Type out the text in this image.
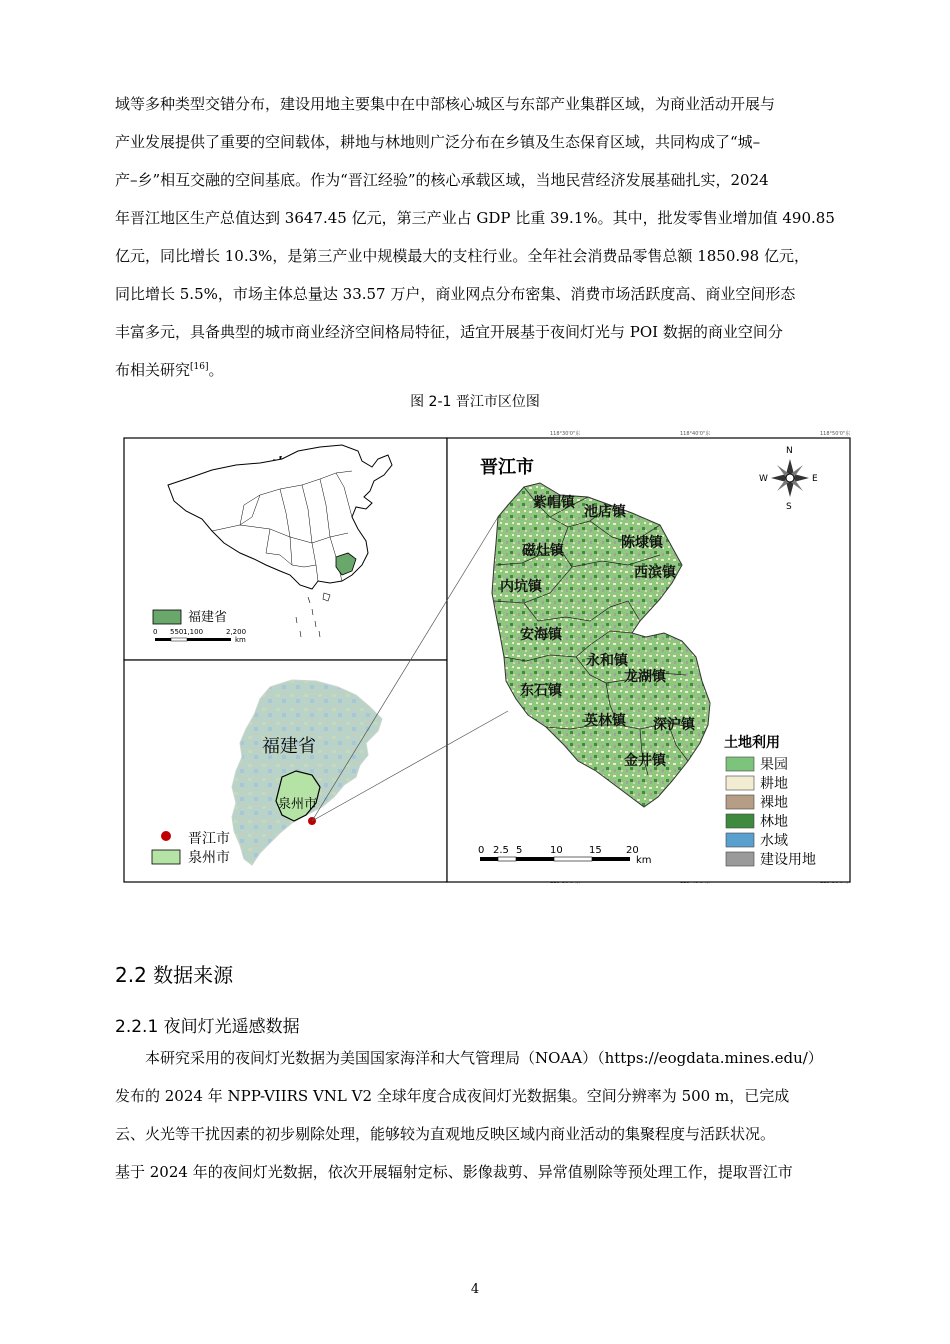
域等多种类型交错分布，建设用地主要集中在中部核心城区与东部产业集群区域，为商业活动开展与
产业发展提供了重要的空间载体，耕地与林地则广泛分布在乡镇及生态保育区域，共同构成了“城–
产–乡”相互交融的空间基底。作为“晋江经验”的核心承载区域，当地民营经济发展基础扎实，2024
年晋江地区生产总值达到 3647.45 亿元，第三产业占 GDP 比重 39.1%。其中，批发零售业增加值 490.85
亿元，同比增长 10.3%，是第三产业中规模最大的支柱行业。全年社会消费品零售总额 1850.98 亿元，
同比增长 5.5%，市场主体总量达 33.57 万户，商业网点分布密集、消费市场活跃度高、商业空间形态
丰富多元，具备典型的城市商业经济空间格局特征，适宜开展基于夜间灯光与 POI 数据的商业空间分
布相关研究[16]。
图 2-1 晋江市区位图
118°30'0"东	118°40'0"东	118°50'0"东
福建省
0 550 1,100	2,200
km
福建省
泉州市
晋江市
泉州市
晋江市
紫帽镇
池店镇
陈埭镇
磁灶镇
西滨镇
内坑镇
安海镇
永和镇
龙湖镇
东石镇
英林镇 深沪镇
金井镇
N
S
E
W
0 2.5 5	10	15 20
km
土地利用
果园
耕地
裸地
林地
水域
建设用地
2.2 数据来源
2.2.1 夜间灯光遥感数据
本研究采用的夜间灯光数据为美国国家海洋和大气管理局（NOAA）（https://eogdata.mines.edu/）
发布的 2024 年 NPP-VIIRS VNL V2 全球年度合成夜间灯光数据集。空间分辨率为 500 m，已完成
云、火光等干扰因素的初步剔除处理，能够较为直观地反映区域内商业活动的集聚程度与活跃状况。
基于 2024 年的夜间灯光数据，依次开展辐射定标、影像裁剪、异常值剔除等预处理工作，提取晋江市
4
